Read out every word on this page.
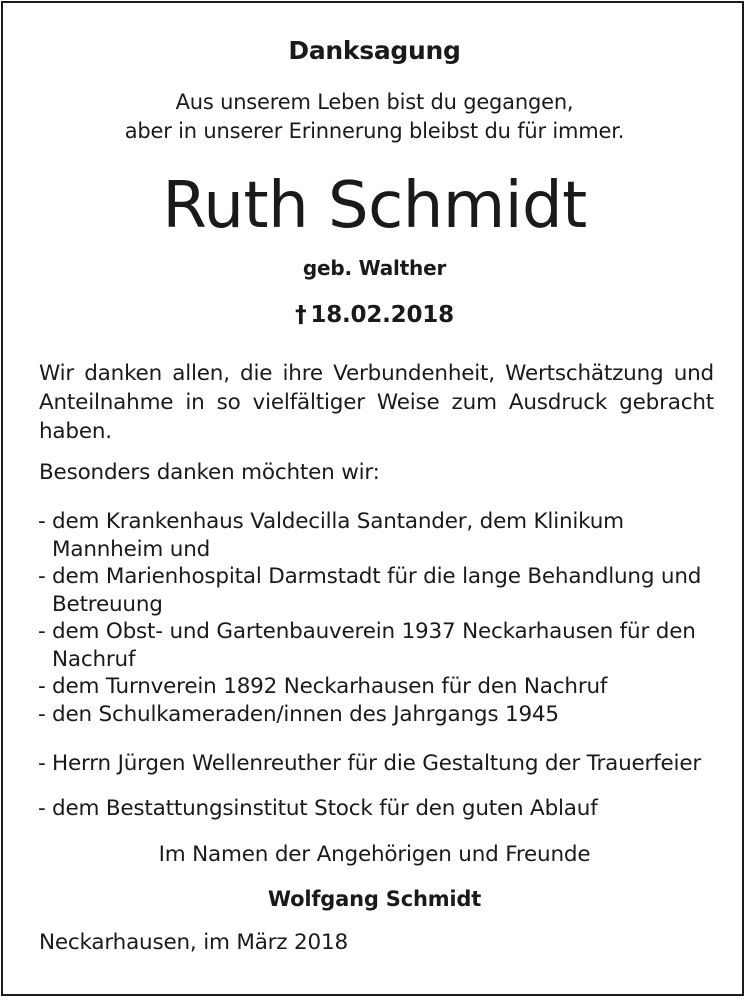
Danksagung
Aus unserem Leben bist du gegangen,
aber in unserer Erinnerung bleibst du für immer.
Ruth Schmidt
geb. Walther
† 18.02.2018
Wir danken allen, die ihre Verbundenheit, Wertschätzung und Anteilnahme in so vielfältiger Weise zum Ausdruck gebracht haben.
Besonders danken möchten wir:
- dem Krankenhaus Valdecilla Santander, dem Klinikum
Mannheim und
- dem Marienhospital Darmstadt für die lange Behandlung und
Betreuung
- dem Obst- und Gartenbauverein 1937 Neckarhausen für den
Nachruf
- dem Turnverein 1892 Neckarhausen für den Nachruf
- den Schulkameraden/innen des Jahrgangs 1945
- Herrn Jürgen Wellenreuther für die Gestaltung der Trauerfeier
- dem Bestattungsinstitut Stock für den guten Ablauf
Im Namen der Angehörigen und Freunde
Wolfgang Schmidt
Neckarhausen, im März 2018
